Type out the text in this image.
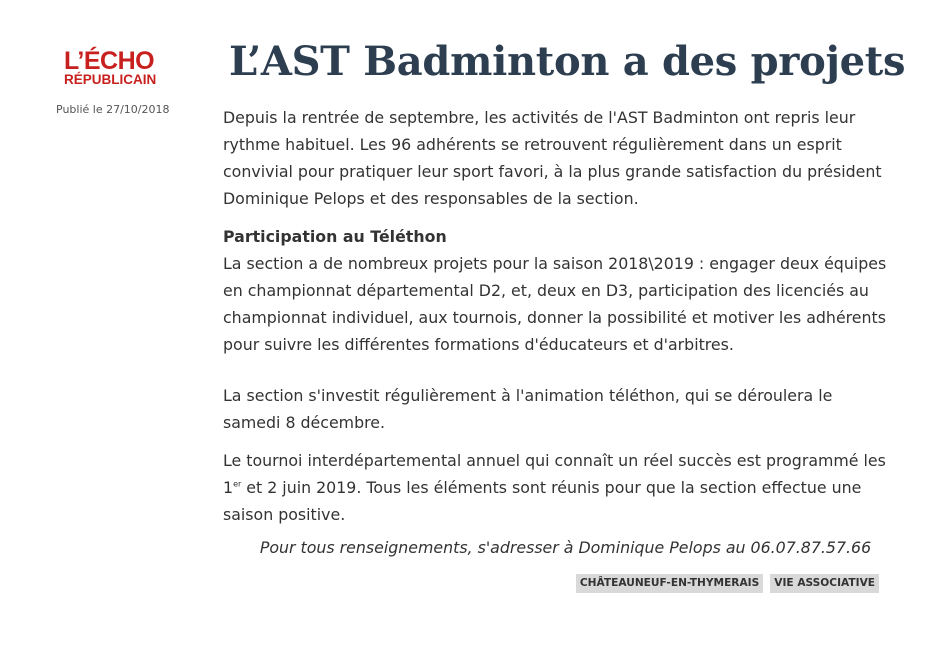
L’ÉCHO
RÉPUBLICAIN
Publié le 27/10/2018
L’AST Badminton a des projets

Depuis la rentrée de septembre, les activités de l'AST Badminton ont repris leur rythme habituel. Les 96 adhérents se retrouvent régulièrement dans un esprit convivial pour pratiquer leur sport favori, à la plus grande satisfaction du président Dominique Pelops et des responsables de la section.

Participation au Téléthon
La section a de nombreux projets pour la saison 2018\2019 : engager deux équipes en championnat départemental D2, et, deux en D3, participation des licenciés au championnat individuel, aux tournois, donner la possibilité et motiver les adhérents pour suivre les différentes formations d'éducateurs et d'arbitres.

La section s'investit régulièrement à l'animation téléthon, qui se déroulera le samedi 8 décembre.

Le tournoi interdépartemental annuel qui connaît un réel succès est programmé les 1er et 2 juin 2019. Tous les éléments sont réunis pour que la section effectue une saison positive.

Pour tous renseignements, s'adresser à Dominique Pelops au 06.07.87.57.66

CHÂTEAUNEUF-EN-THYMERAIS	VIE ASSOCIATIVE
